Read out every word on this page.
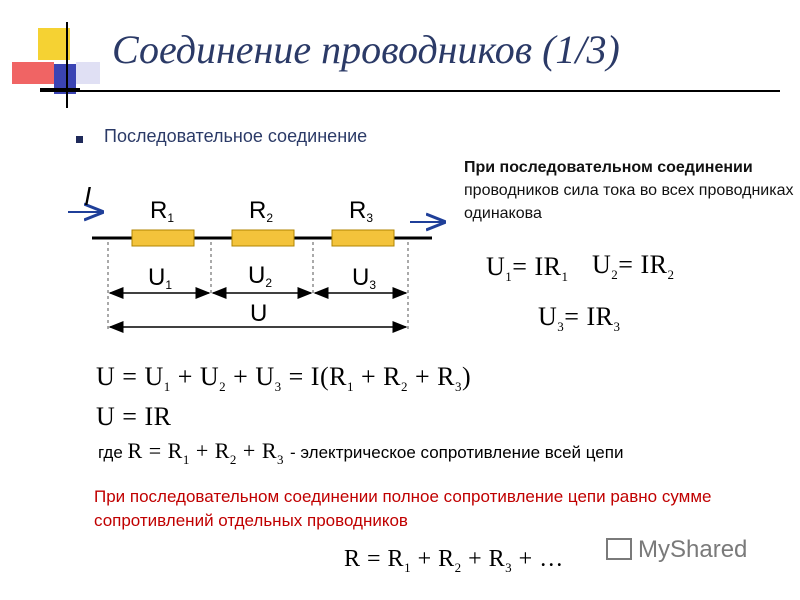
Соединение проводников (1/3)
Последовательное соединение
I R1	R2	R3
U1	U2	U3
U
При последовательном соединении
проводников сила тока во всех проводниках одинакова
$U_1= IR_1$ $U_2= IR_2$
$U_3= IR_3$
$U = U_1 + U_2 + U_3 = I(R_1 + R_2 + R_3)$
U = IR
где $R = R_1 + R_2 + R_3$ - электрическое сопротивление всей цепи
При последовательном соединении полное сопротивление цепи равно сумме сопротивлений отдельных проводников
$R = R_1 + R_2 + R_3$ + …	MyShared
